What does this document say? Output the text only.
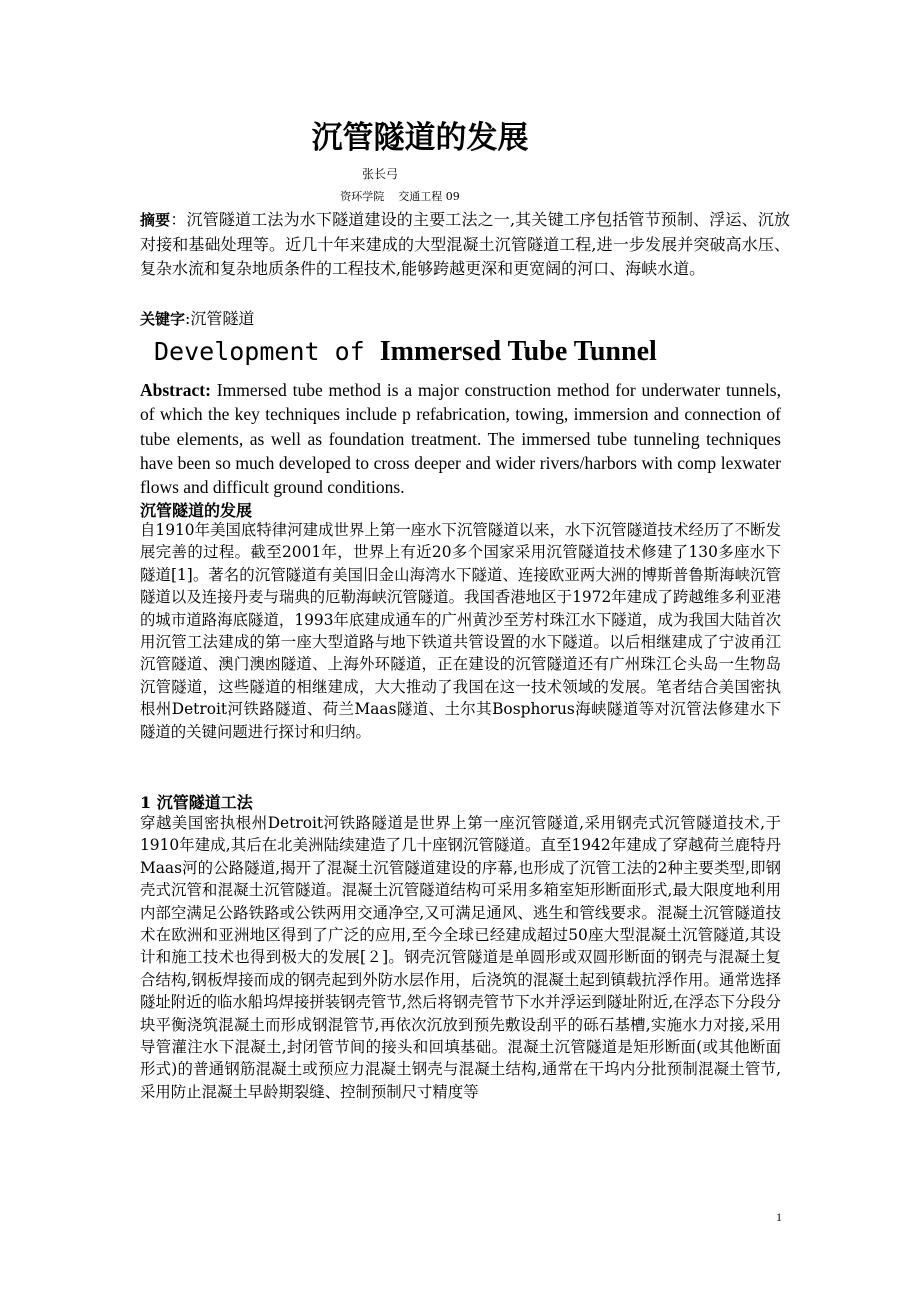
沉管隧道的发展
张长弓
资环学院 交通工程 09
摘要：沉管隧道工法为水下隧道建设的主要工法之一,其关键工序包括管节预制、浮运、沉放对接和基础处理等。近几十年来建成的大型混凝土沉管隧道工程,进一步发展并突破高水压、复杂水流和复杂地质条件的工程技术,能够跨越更深和更宽阔的河口、海峡水道。
关键字:沉管隧道
Development of Immersed Tube Tunnel
Abstract: Immersed tube method is a major construction method for underwater tunnels, of which the key techniques include p refabrication, towing, immersion and connection of tube elements, as well as foundation treatment. The immersed tube tunneling techniques have been so much developed to cross deeper and wider rivers/harbors with comp lexwater flows and difficult ground conditions.
沉管隧道的发展
自1910年美国底特律河建成世界上第一座水下沉管隧道以来，水下沉管隧道技术经历了不断发展完善的过程。截至2001年，世界上有近20多个国家采用沉管隧道技术修建了130多座水下隧道[1]。著名的沉管隧道有美国旧金山海湾水下隧道、连接欧亚两大洲的博斯普鲁斯海峡沉管隧道以及连接丹麦与瑞典的厄勒海峡沉管隧道。我国香港地区于1972年建成了跨越维多利亚港的城市道路海底隧道，1993年底建成通车的广州黄沙至芳村珠江水下隧道，成为我国大陆首次用沉管工法建成的第一座大型道路与地下铁道共管设置的水下隧道。以后相继建成了宁波甬江沉管隧道、澳门澳凼隧道、上海外环隧道，正在建设的沉管隧道还有广州珠江仑头岛一生物岛沉管隧道，这些隧道的相继建成，大大推动了我国在这一技术领域的发展。笔者结合美国密执根州Detroit河铁路隧道、荷兰Maas隧道、土尔其Bosphorus海峡隧道等对沉管法修建水下隧道的关键问题进行探讨和归纳。
1 沉管隧道工法
穿越美国密执根州Detroit河铁路隧道是世界上第一座沉管隧道,采用钢壳式沉管隧道技术,于1910年建成,其后在北美洲陆续建造了几十座钢沉管隧道。直至1942年建成了穿越荷兰鹿特丹Maas河的公路隧道,揭开了混凝土沉管隧道建设的序幕,也形成了沉管工法的2种主要类型,即钢壳式沉管和混凝土沉管隧道。混凝土沉管隧道结构可采用多箱室矩形断面形式,最大限度地利用内部空满足公路铁路或公铁两用交通净空,又可满足通风、逃生和管线要求。混凝土沉管隧道技术在欧洲和亚洲地区得到了广泛的应用,至今全球已经建成超过50座大型混凝土沉管隧道,其设计和施工技术也得到极大的发展[２]。钢壳沉管隧道是单圆形或双圆形断面的钢壳与混凝土复合结构,钢板焊接而成的钢壳起到外防水层作用，后浇筑的混凝土起到镇载抗浮作用。通常选择隧址附近的临水船坞焊接拼装钢壳管节,然后将钢壳管节下水并浮运到隧址附近,在浮态下分段分块平衡浇筑混凝土而形成钢混管节,再依次沉放到预先敷设刮平的砾石基槽,实施水力对接,采用导管灌注水下混凝土,封闭管节间的接头和回填基础。混凝土沉管隧道是矩形断面(或其他断面形式)的普通钢筋混凝土或预应力混凝土钢壳与混凝土结构,通常在干坞内分批预制混凝土管节,采用防止混凝土早龄期裂缝、控制预制尺寸精度等
1
